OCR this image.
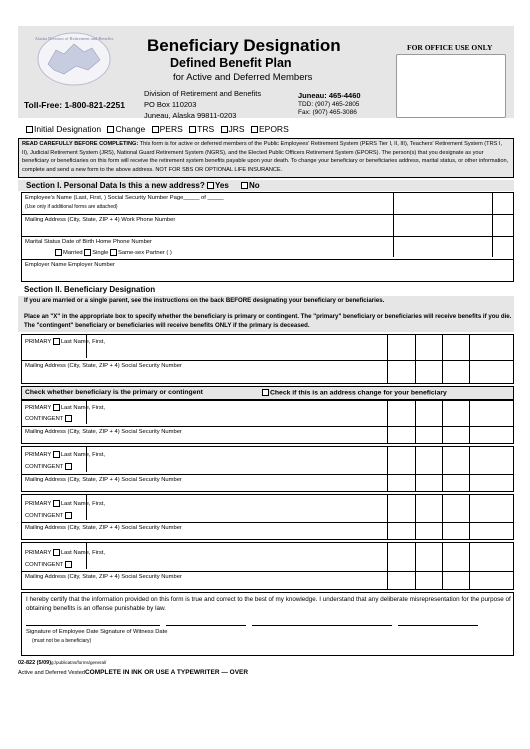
Alaska Division of Retirement and Benefits Beneficiary Designation
Defined Benefit Plan
for Active and Deferred Members
FOR OFFICE USE ONLY
Toll-Free: 1-800-821-2251
Division of Retirement and Benefits
PO Box 110203
Juneau, Alaska 99811-0203
Juneau: 465-4460
TDD: (907) 465-2805
Fax: (907) 465-3086
Initial Designation Change PERS TRS JRS EPORS
READ CAREFULLY BEFORE COMPLETING: This form is for active or deferred members of the Public Employees' Retirement System (PERS Tier I, II, III), Teachers' Retirement System (TRS I, II), Judicial Retirement System (JRS), National Guard Retirement System (NGRS), and the Elected Public Officers Retirement System (EPORS). The person(s) that you designate as your beneficiary or beneficiaries on this form will receive the retirement system benefits payable upon your death. To change your beneficiary or beneficiaries address, marital status, or other information, complete and send a new form to the above address. NOT FOR SBS OR OPTIONAL LIFE INSURANCE.
Section I. Personal Data Is this a new address? Yes	No
Employee's Name (Last, First, ) Social Security Number Page_____ of _____
(Use only if additional forms are attached)
Mailing Address (City, State, ZIP + 4) Work Phone Number
Marital Status Date of Birth Home Phone Number
Married Single Same-sex Partner ( )
Employer Name Employer Number
Section II. Beneficiary Designation
If you are married or a single parent, see the instructions on the back BEFORE designating your beneficiary or beneficiaries.
Place an "X" in the appropriate box to specify whether the beneficiary is primary or contingent. The "primary" beneficiary or beneficiaries will receive benefits if you die. The "contingent" beneficiary or beneficiaries will receive benefits ONLY if the primary is deceased.
PRIMARY Last Name, First,
Mailing Address (City, State, ZIP + 4) Social Security Number
Check whether beneficiary is the primary or contingent	Check if this is an address change for your beneficiary
PRIMARY Last Name, First,
CONTINGENT
Mailing Address (City, State, ZIP + 4) Social Security Number
PRIMARY Last Name, First,
CONTINGENT
Mailing Address (City, State, ZIP + 4) Social Security Number
PRIMARY Last Name, First,
CONTINGENT
Mailing Address (City, State, ZIP + 4) Social Security Number
PRIMARY Last Name, First,
CONTINGENT
Mailing Address (City, State, ZIP + 4) Social Security Number
I hereby certify that the information provided on this form is true and correct to the best of my knowledge. I understand that any deliberate misrepresentation for the purpose of obtaining benefits is an offense punishable by law.
Signature of Employee Date Signature of Witness Date
(must not be a beneficiary)
02-822 (5/09)g:/publicatns/forms/general/
Active and Deferred VestedCOMPLETE IN INK OR USE A TYPEWRITER — OVER
